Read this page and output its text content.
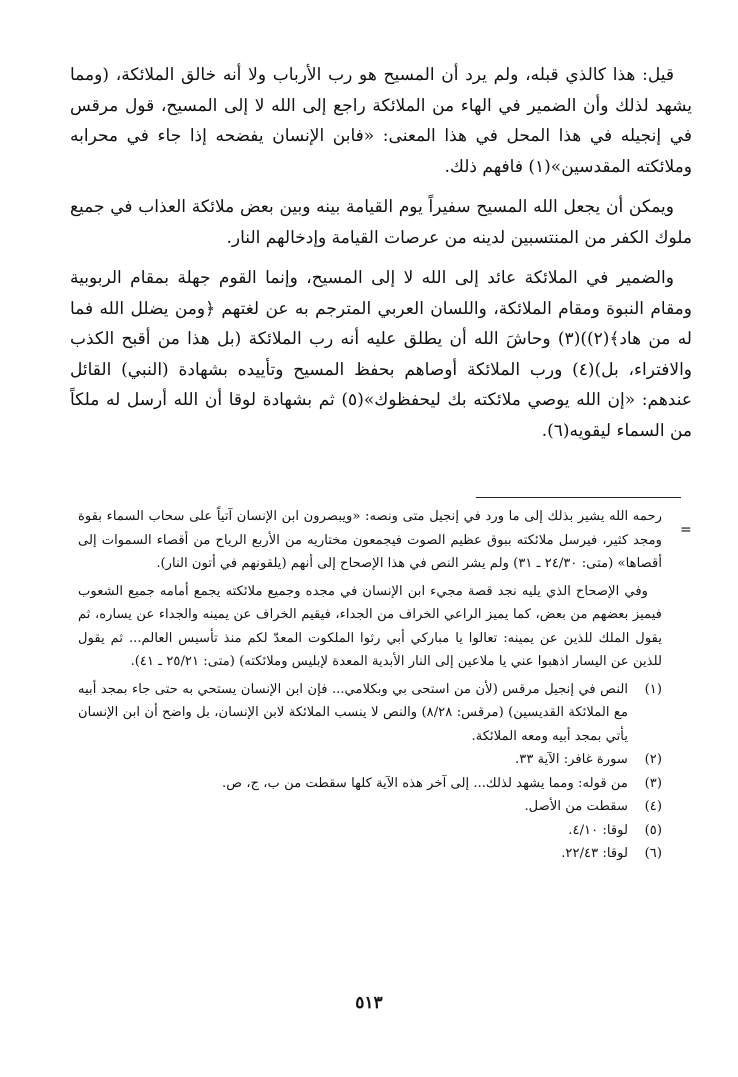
قيل: هذا كالذي قبله، ولم يرد أن المسيح هو رب الأرباب ولا أنه خالق الملائكة، (ومما يشهد لذلك وأن الضمير في الهاء من الملائكة راجع إلى الله لا إلى المسيح، قول مرقس في إنجيله في هذا المحل في هذا المعنى: «فابن الإنسان يفضحه إذا جاء في محرابه وملائكته المقدسين»(١) فافهم ذلك.

ويمكن أن يجعل الله المسيح سفيراً يوم القيامة بينه وبين بعض ملائكة العذاب في جميع ملوك الكفر من المنتسبين لدينه من عرصات القيامة وإدخالهم النار.

والضمير في الملائكة عائد إلى الله لا إلى المسيح، وإنما القوم جهلة بمقام الربوبية ومقام النبوة ومقام الملائكة، واللسان العربي المترجم به عن لغتهم ﴿ومن يضلل الله فما له من هاد﴾(٢))(٣) وحاشَ الله أن يطلق عليه أنه رب الملائكة (بل هذا من أقبح الكذب والافتراء، بل)(٤) ورب الملائكة أوصاهم بحفظ المسيح وتأييده بشهادة (النبي) القائل عندهم: «إن الله يوصي ملائكته بك ليحفظوك»(٥) ثم بشهادة لوقا أن الله أرسل له ملكاً من السماء ليقويه(٦).

=

رحمه الله يشير بذلك إلى ما ورد في إنجيل متى ونصه: «ويبصرون ابن الإنسان آتياً على سحاب السماء بقوة ومجد كثير، فيرسل ملائكته ببوق عظيم الصوت فيجمعون مختاريه من الأربع الرياح من أقصاء السموات إلى أقصاها» (متى: ٢٤/٣٠ ـ ٣١) ولم يشر النص في هذا الإصحاح إلى أنهم (يلقونهم في أتون النار).

وفي الإصحاح الذي يليه نجد قصة مجيء ابن الإنسان في مجده وجميع ملائكته يجمع أمامه جميع الشعوب فيميز بعضهم من بعض، كما يميز الراعي الخراف من الجداء، فيقيم الخراف عن يمينه والجداء عن يساره، ثم يقول الملك للذين عن يمينه: تعالوا يا مباركي أبي رثوا الملكوت المعدّ لكم منذ تأسيس العالم... ثم يقول للذين عن اليسار اذهبوا عني يا ملاعين إلى النار الأبدية المعدة لإبليس وملائكته) (متى: ٢٥/٢١ ـ ٤١).

(١)
النص في إنجيل مرقس (لأن من استحى بي وبكلامي... فإن ابن الإنسان يستحي به حتى جاء بمجد أبيه مع الملائكة القديسين) (مرقس: ٨/٢٨) والنص لا ينسب الملائكة لابن الإنسان، بل واضح أن ابن الإنسان يأتي بمجد أبيه ومعه الملائكة.
(٢)
سورة غافر: الآية ٣٣.
(٣)
من قوله: ومما يشهد لذلك... إلى آخر هذه الآية كلها سقطت من ب، ج، ص.
(٤)
سقطت من الأصل.
(٥)
لوقا: ٤/١٠.
(٦)
لوقا: ٢٢/٤٣.
٥١٣
